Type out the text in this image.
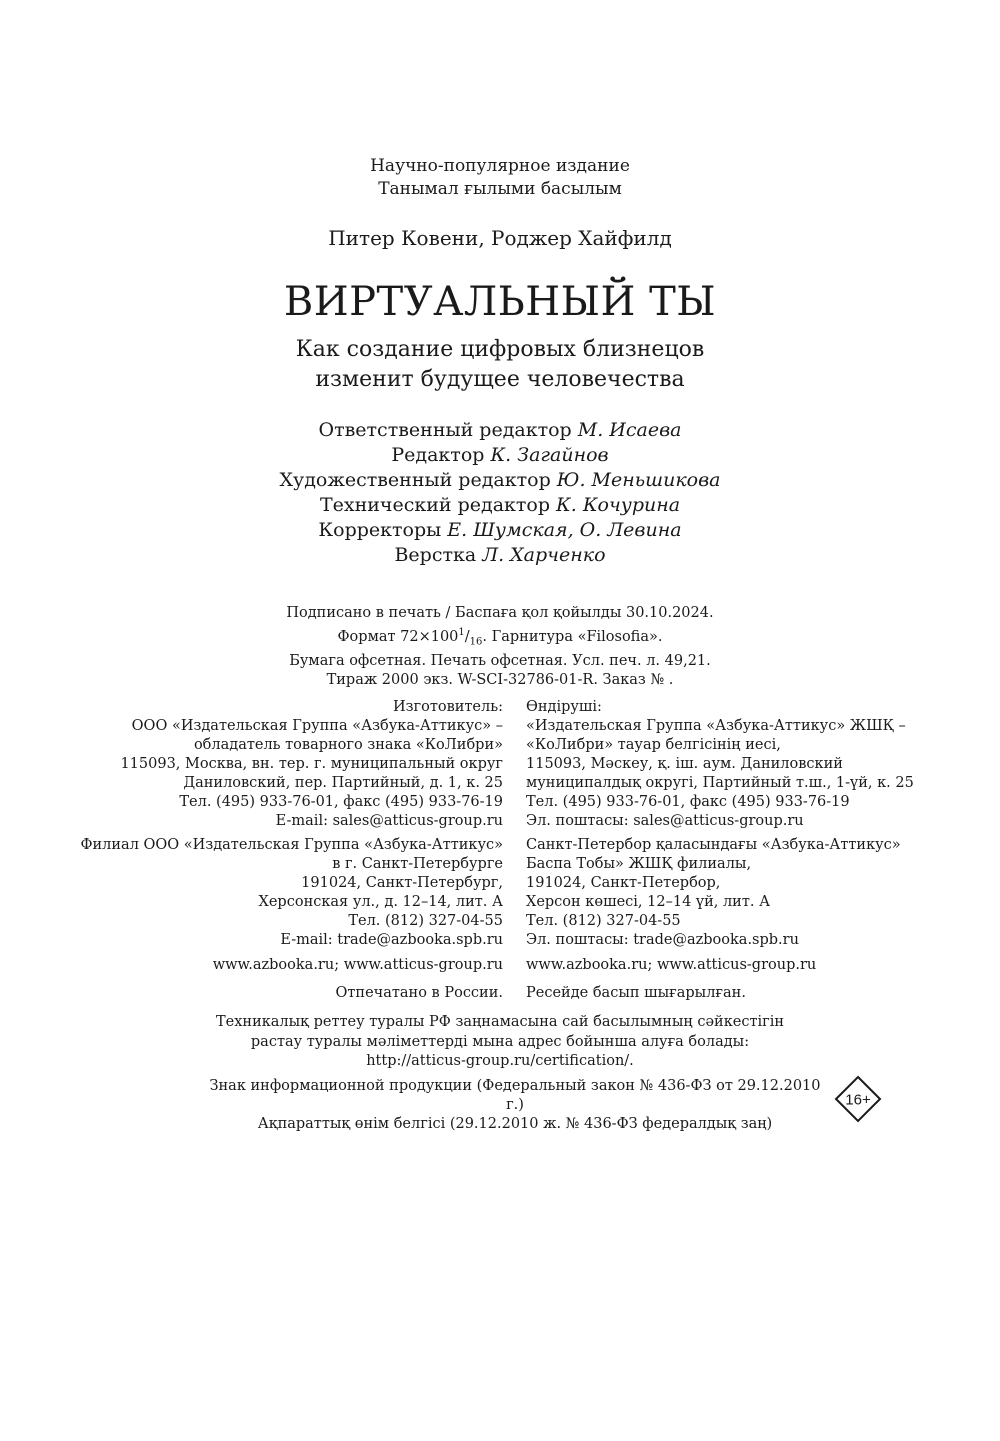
Научно-популярное издание
Танымал ғылыми басылым
Питер Ковени, Роджер Хайфилд
ВИРТУАЛЬНЫЙ ТЫ
Как создание цифровых близнецов
изменит будущее человечества
Ответственный редактор М. Исаева
Редактор К. Загайнов
Художественный редактор Ю. Меньшикова
Технический редактор К. Кочурина
Корректоры Е. Шумская, О. Левина
Верстка Л. Харченко
Подписано в печать / Баспаға қол қойылды 30.10.2024.
Формат $72\times 100^1/_{16}$. Гарнитура «Filosofia».
Бумага офсетная. Печать офсетная. Усл. печ. л. 49,21.
Тираж 2000 экз. W-SCI-32786-01-R. Заказ № .
Изготовитель:
ООО «Издательская Группа «Азбука-Аттикус» –
обладатель товарного знака «КоЛибри»
115093, Москва, вн. тер. г. муниципальный округ
Даниловский, пер. Партийный, д. 1, к. 25
Тел. (495) 933-76-01, факс (495) 933-76-19
E-mail: sales@atticus-group.ru
Өндіруші:
«Издательская Группа «Азбука-Аттикус» ЖШҚ –
«КоЛибри» тауар белгісінің иесі,
115093, Мәскеу, қ. іш. аум. Даниловский
муниципалдық округі, Партийный т.ш., 1-үй, к. 25
Тел. (495) 933-76-01, факс (495) 933-76-19
Эл. поштасы: sales@atticus-group.ru
Филиал ООО «Издательская Группа «Азбука-Аттикус»
в г. Санкт-Петербурге
191024, Санкт-Петербург,
Херсонская ул., д. 12–14, лит. А
Тел. (812) 327-04-55
E-mail: trade@azbooka.spb.ru
Санкт-Петербор қаласындағы «Азбука-Аттикус»
Баспа Тобы» ЖШҚ филиалы,
191024, Санкт-Петербор,
Херсон көшесі, 12–14 үй, лит. А
Тел. (812) 327-04-55
Эл. поштасы: trade@azbooka.spb.ru
www.azbooka.ru; www.atticus-group.ru www.azbooka.ru; www.atticus-group.ru
Отпечатано в России. Ресейде басып шығарылған.
Техникалық реттеу туралы РФ заңнамасына сай басылымның сәйкестігін
растау туралы мәліметтерді мына адрес бойынша алуға болады:
http://atticus-group.ru/certification/.
Знак информационной продукции (Федеральный закон № 436-ФЗ от 29.12.2010 г.)
Ақпараттық өнім белгісі (29.12.2010 ж. № 436-ФЗ федералдық заң)
16+
